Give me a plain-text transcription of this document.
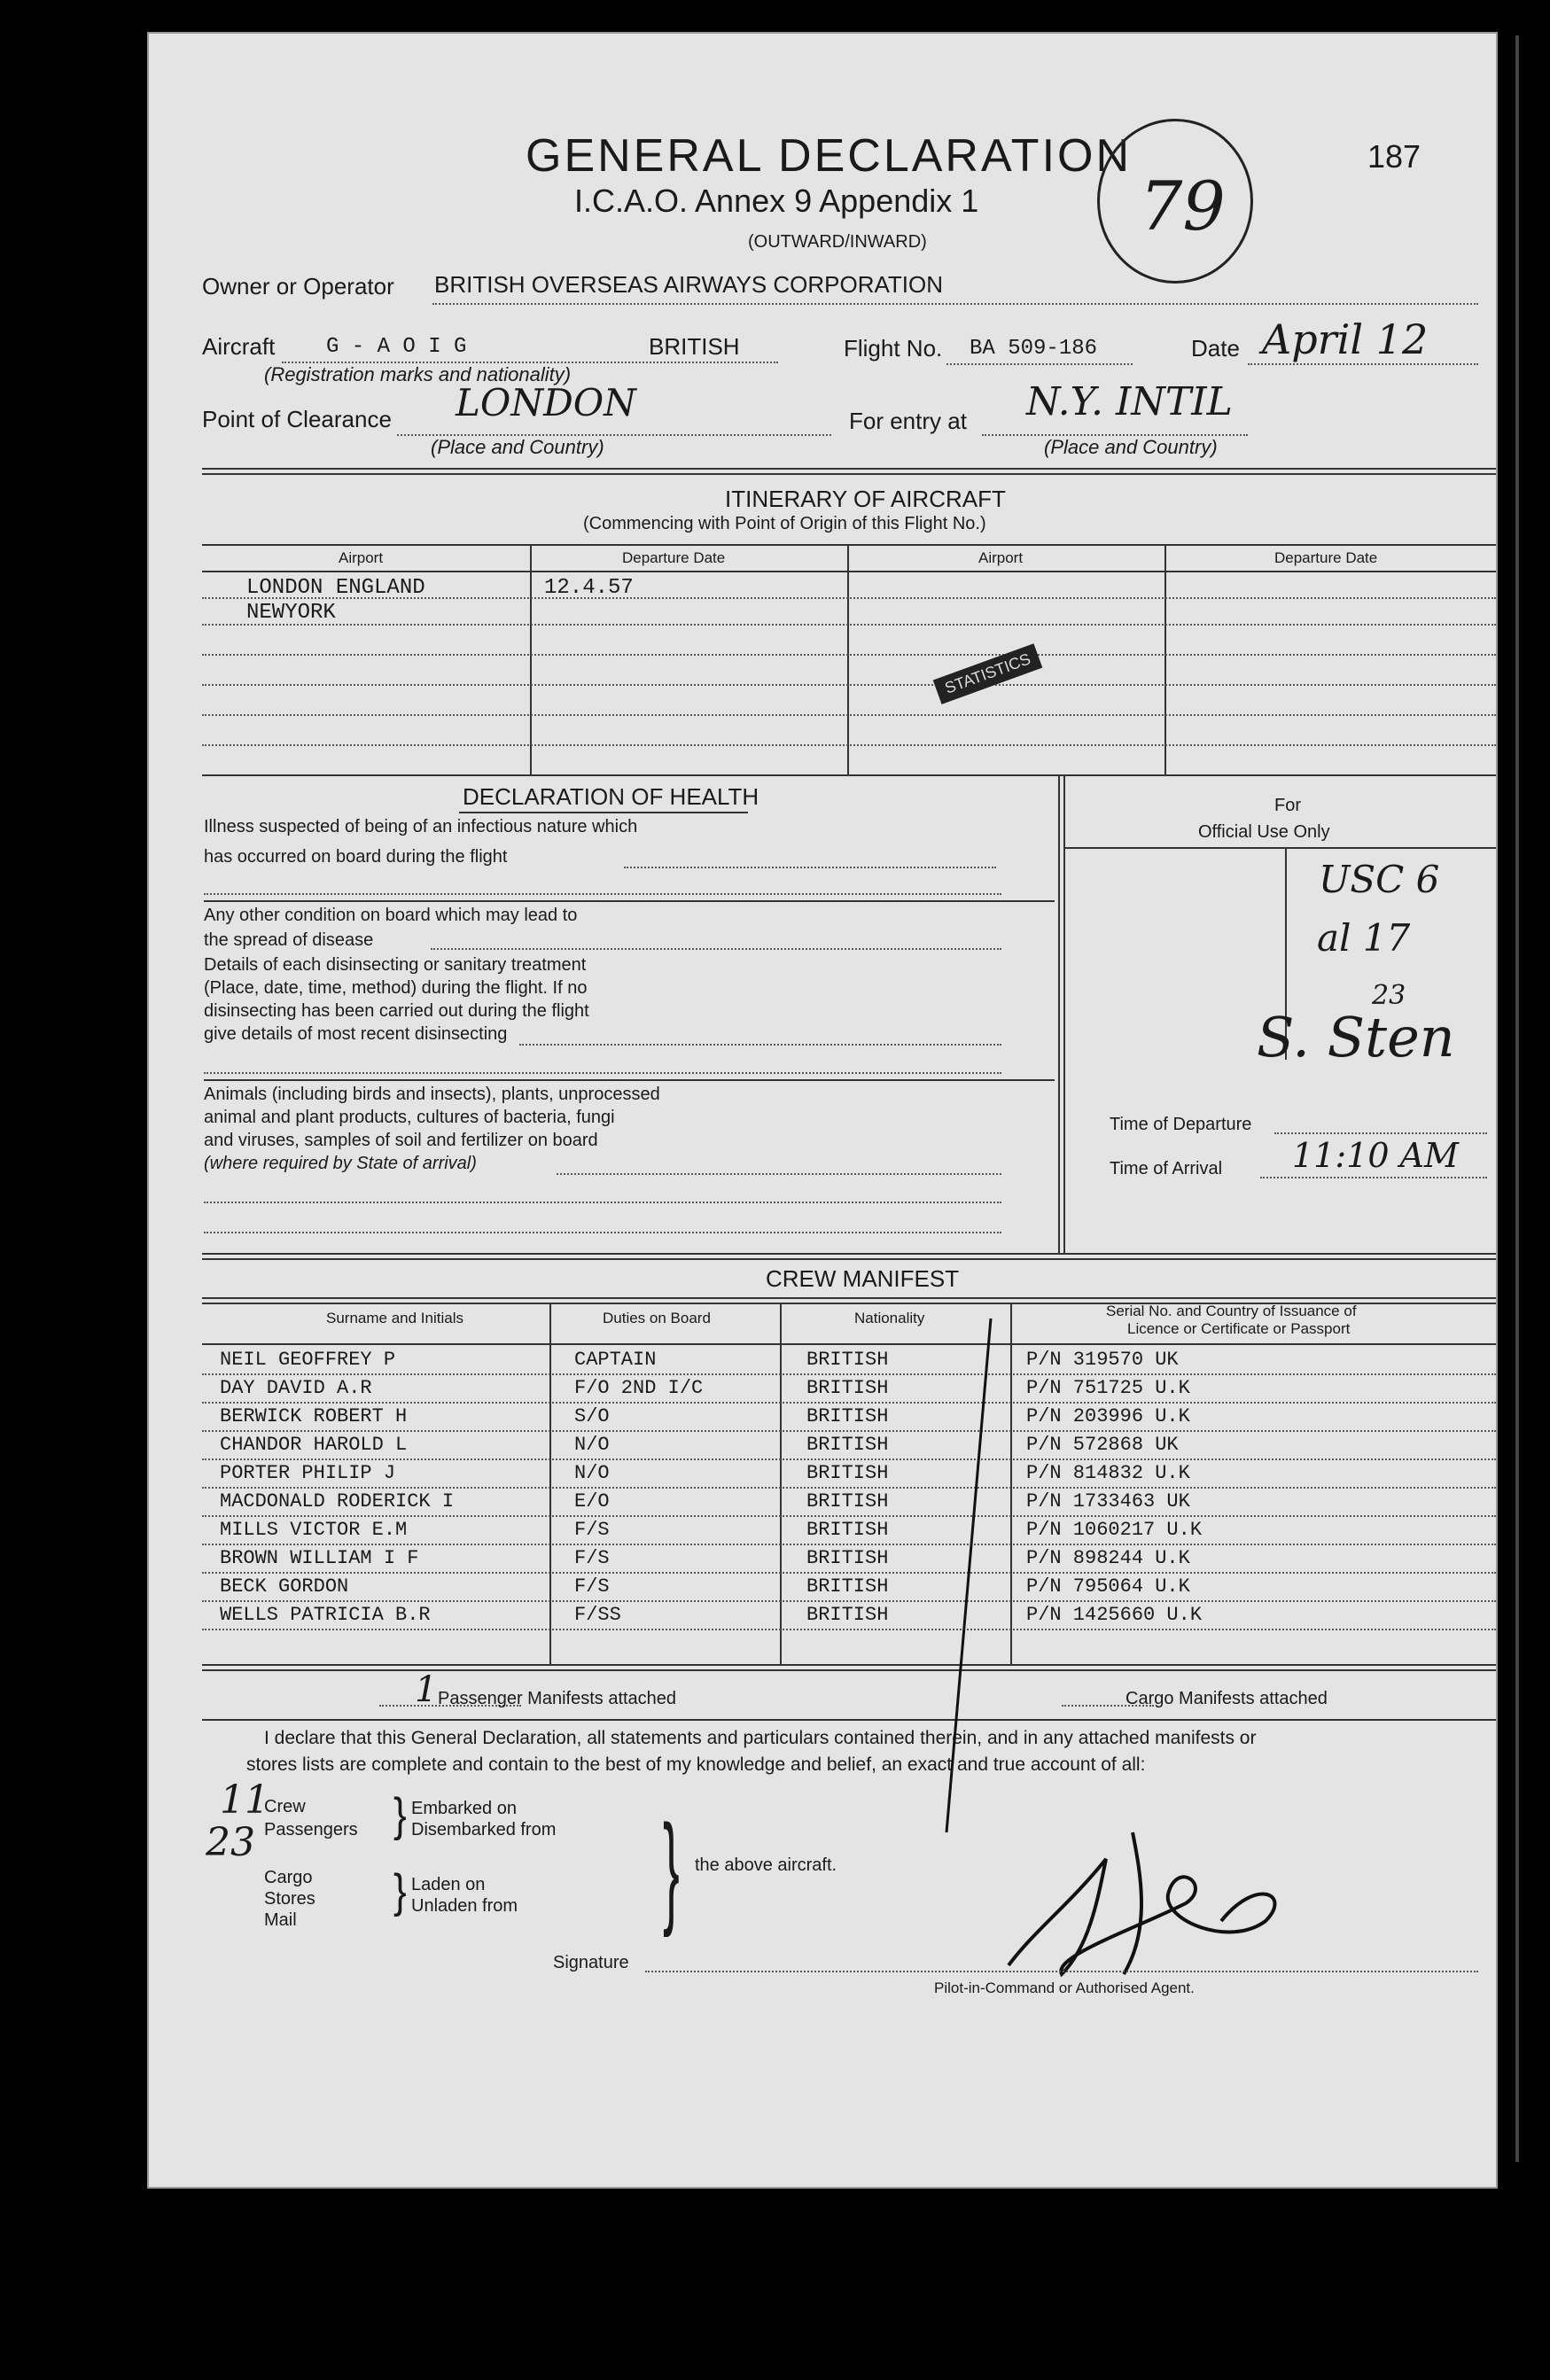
GENERAL DECLARATION	187
I.C.A.O. Annex 9 Appendix 1
(OUTWARD/INWARD)	79
Owner or Operator BRITISH OVERSEAS AIRWAYS CORPORATION
Aircraft G - A O I G	BRITISH	Flight No. BA 509-186	Date April 12
(Registration marks and nationality)
Point of Clearance LONDON
(Place and Country)
For entry at N.Y. INTIL
(Place and Country)
ITINERARY OF AIRCRAFT
(Commencing with Point of Origin of this Flight No.)
Airport	Departure Date	Airport	Departure Date
LONDON ENGLAND	12.4.57
NEWYORK
STATISTICS
DECLARATION OF HEALTH
Illness suspected of being of an infectious nature which
has occurred on board during the flight
Any other condition on board which may lead to
the spread of disease
Details of each disinsecting or sanitary treatment
(Place, date, time, method) during the flight. If no
disinsecting has been carried out during the flight
give details of most recent disinsecting
Animals (including birds and insects), plants, unprocessed
animal and plant products, cultures of bacteria, fungi
and viruses, samples of soil and fertilizer on board
(where required by State of arrival)
For
Official Use Only
USC 6
al 17
23
S. Sten
Time of Departure
Time of Arrival 11:10 AM
CREW MANIFEST
Surname and Initials	Duties on Board	Nationality	Serial No. and Country of Issuance of
Licence or Certificate or Passport
NEIL GEOFFREY P	CAPTAIN	BRITISH	P/N 319570 UK
DAY DAVID A.R	F/O 2ND I/C	BRITISH	P/N 751725 U.K
BERWICK ROBERT H	S/O	BRITISH	P/N 203996 U.K
CHANDOR HAROLD L	N/O	BRITISH	P/N 572868 UK
PORTER PHILIP J	N/O	BRITISH	P/N 814832 U.K
MACDONALD RODERICK I	E/O	BRITISH	P/N 1733463 UK
MILLS VICTOR E.M	F/S	BRITISH	P/N 1060217 U.K
BROWN WILLIAM I F	F/S	BRITISH	P/N 898244 U.K
BECK GORDON	F/S	BRITISH	P/N 795064 U.K
WELLS PATRICIA B.R	F/SS	BRITISH	P/N 1425660 U.K
1 Passenger Manifests attached	Cargo Manifests attached
I declare that this General Declaration, all statements and particulars contained therein, and in any attached manifests or
stores lists are complete and contain to the best of my knowledge and belief, an exact and true account of all:
11
23
Crew
Passengers
Cargo
Stores
Mail
} Embarked on
Disembarked from
} Laden on
Unladen from } the above aircraft.
Signature
Pilot-in-Command or Authorised Agent.
